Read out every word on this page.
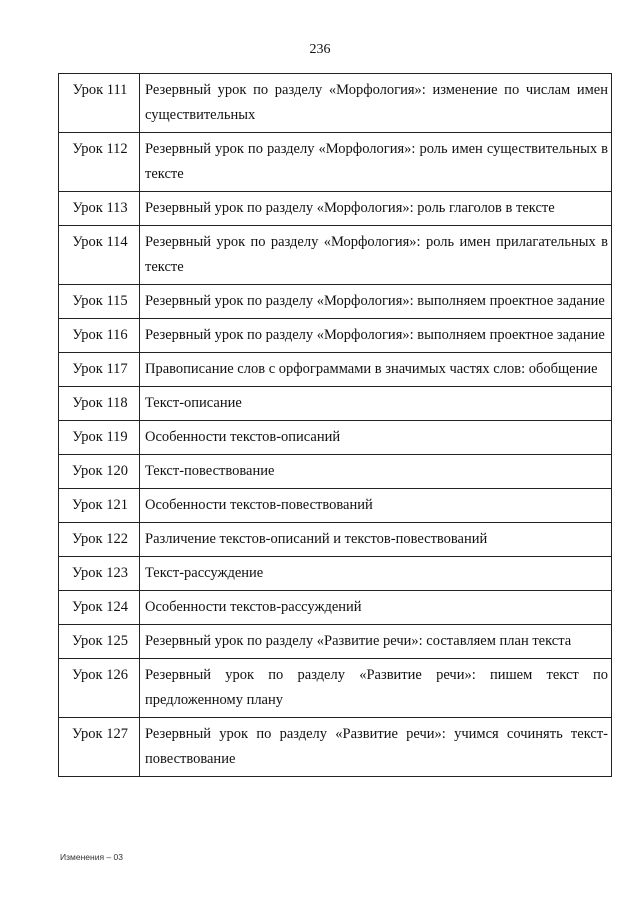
236
Урок 111	Резервный урок по разделу «Морфология»: изменение по числам имен существительных
Урок 112	Резервный урок по разделу «Морфология»: роль имен существительных в тексте
Урок 113	Резервный урок по разделу «Морфология»: роль глаголов в тексте
Урок 114	Резервный урок по разделу «Морфология»: роль имен прилагательных в тексте
Урок 115	Резервный урок по разделу «Морфология»: выполняем проектное задание
Урок 116	Резервный урок по разделу «Морфология»: выполняем проектное задание
Урок 117	Правописание слов с орфограммами в значимых частях слов: обобщение
Урок 118	Текст-описание
Урок 119	Особенности текстов-описаний
Урок 120	Текст-повествование
Урок 121	Особенности текстов-повествований
Урок 122	Различение текстов-описаний и текстов-повествований
Урок 123	Текст-рассуждение
Урок 124	Особенности текстов-рассуждений
Урок 125	Резервный урок по разделу «Развитие речи»: составляем план текста
Урок 126	Резервный урок по разделу «Развитие речи»: пишем текст по предложенному плану
Урок 127	Резервный урок по разделу «Развитие речи»: учимся сочинять текст-повествование
Изменения – 03
